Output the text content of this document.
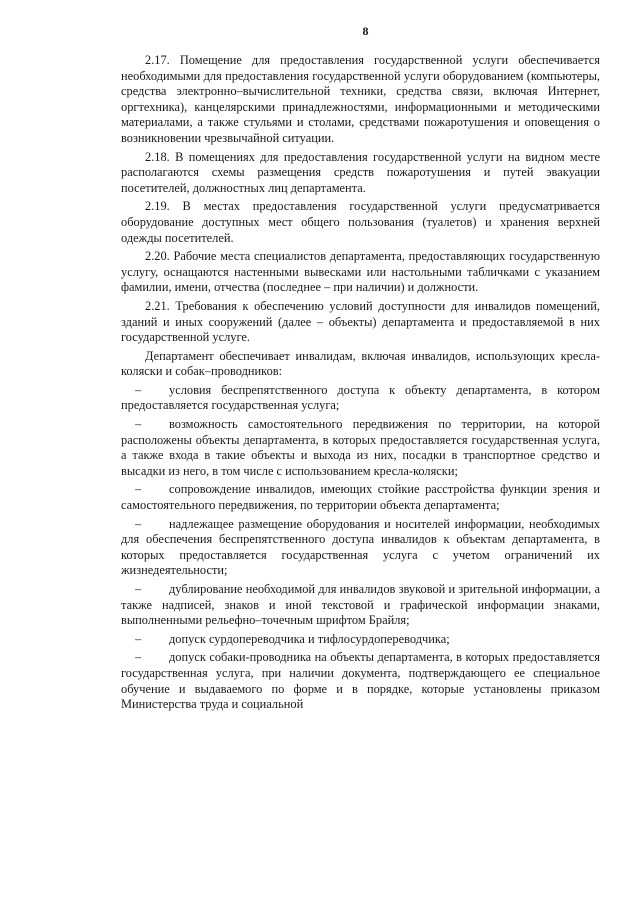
8

2.17. Помещение для предоставления государственной услуги обеспечивается необходимыми для предоставления государственной услуги оборудованием (компьютеры, средства электронно–вычислительной техники, средства связи, включая Интернет, оргтехника), канцелярскими принадлежностями, информационными и методическими материалами, а также стульями и столами, средствами пожаротушения и оповещения о возникновении чрезвычайной ситуации.

2.18. В помещениях для предоставления государственной услуги на видном месте располагаются схемы размещения средств пожаротушения и путей эвакуации посетителей, должностных лиц департамента.

2.19. В местах предоставления государственной услуги предусматривается оборудование доступных мест общего пользования (туалетов) и хранения верхней одежды посетителей.

2.20. Рабочие места специалистов департамента, предоставляющих государственную услугу, оснащаются настенными вывесками или настольными табличками с указанием фамилии, имени, отчества (последнее – при наличии) и должности.

2.21. Требования к обеспечению условий доступности для инвалидов помещений, зданий и иных сооружений (далее – объекты) департамента и предоставляемой в них государственной услуге.

Департамент обеспечивает инвалидам, включая инвалидов, использующих кресла-коляски и собак–проводников:

– условия беспрепятственного доступа к объекту департамента, в котором предоставляется государственная услуга;

– возможность самостоятельного передвижения по территории, на которой расположены объекты департамента, в которых предоставляется государственная услуга, а также входа в такие объекты и выхода из них, посадки в транспортное средство и высадки из него, в том числе с использованием кресла-коляски;

– сопровождение инвалидов, имеющих стойкие расстройства функции зрения и самостоятельного передвижения, по территории объекта департамента;

– надлежащее размещение оборудования и носителей информации, необходимых для обеспечения беспрепятственного доступа инвалидов к объектам департамента, в которых предоставляется государственная услуга с учетом ограничений их жизнедеятельности;

– дублирование необходимой для инвалидов звуковой и зрительной информации, а также надписей, знаков и иной текстовой и графической информации знаками, выполненными рельефно–точечным шрифтом Брайля;

– допуск сурдопереводчика и тифлосурдопереводчика;

– допуск собаки-проводника на объекты департамента, в которых предоставляется государственная услуга, при наличии документа, подтверждающего ее специальное обучение и выдаваемого по форме и в порядке, которые установлены приказом Министерства труда и социальной
